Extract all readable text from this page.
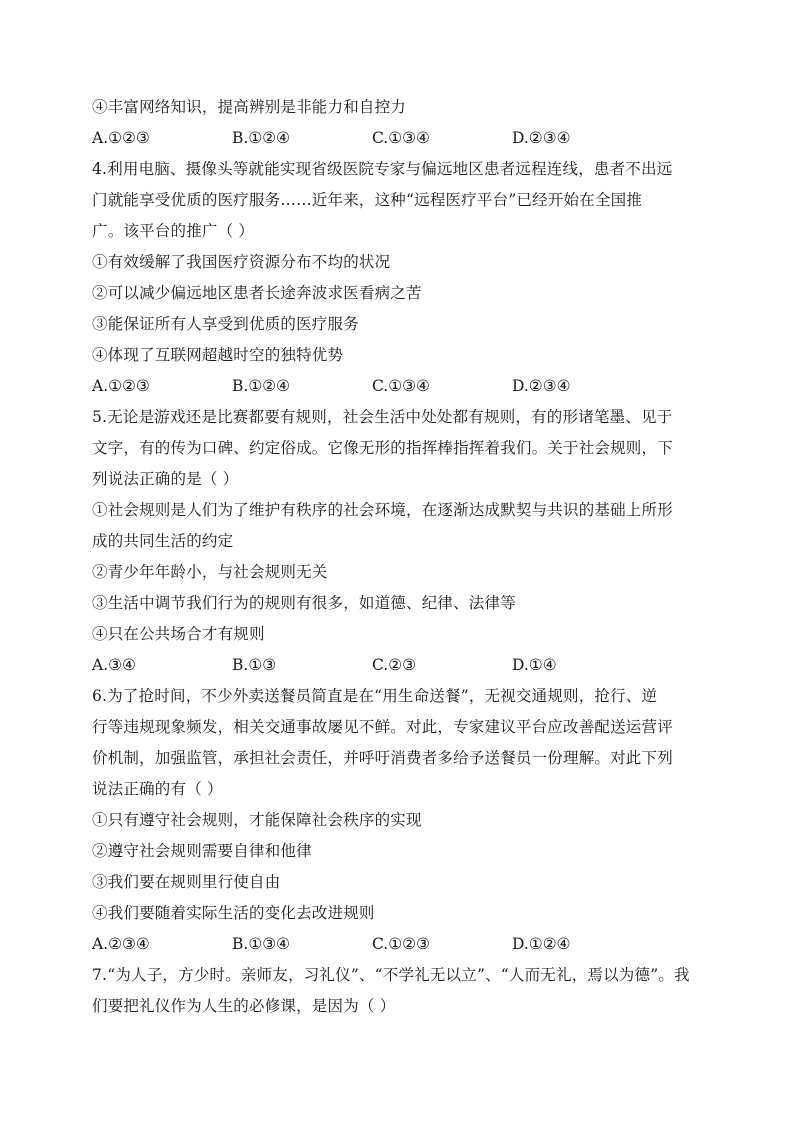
④丰富网络知识，提高辨别是非能力和自控力
A.①②③	B.①②④	C.①③④	D.②③④
4.利用电脑、摄像头等就能实现省级医院专家与偏远地区患者远程连线，患者不出远
门就能享受优质的医疗服务……近年来，这种“远程医疗平台”已经开始在全国推
广。该平台的推广（ ）
①有效缓解了我国医疗资源分布不均的状况
②可以减少偏远地区患者长途奔波求医看病之苦
③能保证所有人享受到优质的医疗服务
④体现了互联网超越时空的独特优势
A.①②③	B.①②④	C.①③④	D.②③④
5.无论是游戏还是比赛都要有规则，社会生活中处处都有规则，有的形诸笔墨、见于
文字，有的传为口碑、约定俗成。它像无形的指挥棒指挥着我们。关于社会规则，下
列说法正确的是（ ）
①社会规则是人们为了维护有秩序的社会环境，在逐渐达成默契与共识的基础上所形
成的共同生活的约定
②青少年年龄小，与社会规则无关
③生活中调节我们行为的规则有很多，如道德、纪律、法律等
④只在公共场合才有规则
A.③④	B.①③	C.②③	D.①④
6.为了抢时间，不少外卖送餐员简直是在“用生命送餐”，无视交通规则，抢行、逆
行等违规现象频发，相关交通事故屡见不鲜。对此，专家建议平台应改善配送运营评
价机制，加强监管，承担社会责任，并呼吁消费者多给予送餐员一份理解。对此下列
说法正确的有（ ）
①只有遵守社会规则，才能保障社会秩序的实现
②遵守社会规则需要自律和他律
③我们要在规则里行使自由
④我们要随着实际生活的变化去改进规则
A.②③④	B.①③④	C.①②③	D.①②④
7.“为人子，方少时。亲师友，习礼仪”、“不学礼无以立”、“人而无礼，焉以为德”。我
们要把礼仪作为人生的必修课，是因为（ ）
